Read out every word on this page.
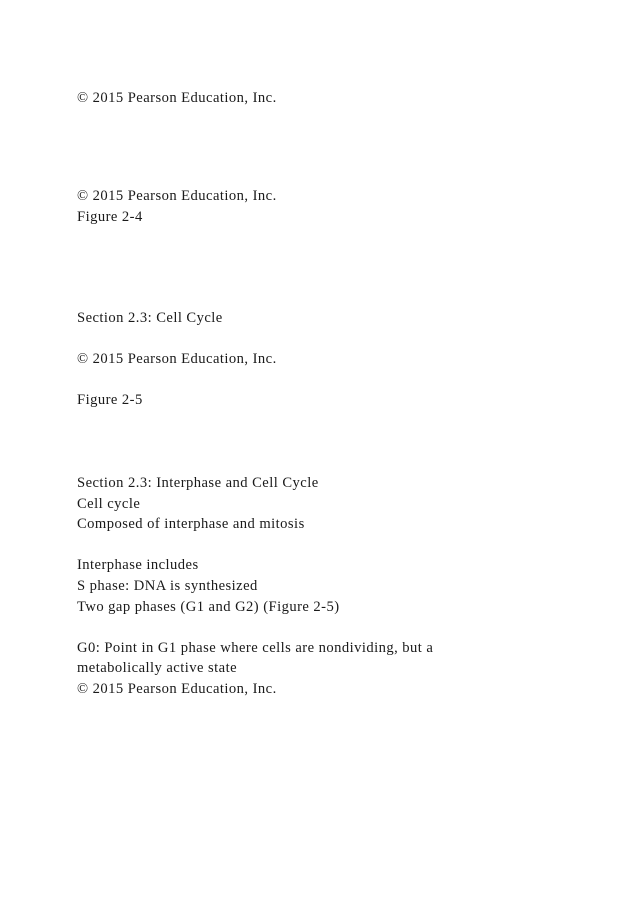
© 2015 Pearson Education, Inc.

© 2015 Pearson Education, Inc.

Figure 2-4

Section 2.3: Cell Cycle

© 2015 Pearson Education, Inc.

Figure 2-5

Section 2.3: Interphase and Cell Cycle

Cell cycle

Composed of interphase and mitosis

Interphase includes

S phase: DNA is synthesized

Two gap phases (G1 and G2) (Figure 2-5)

G0: Point in G1 phase where cells are nondividing, but a

metabolically active state

© 2015 Pearson Education, Inc.
